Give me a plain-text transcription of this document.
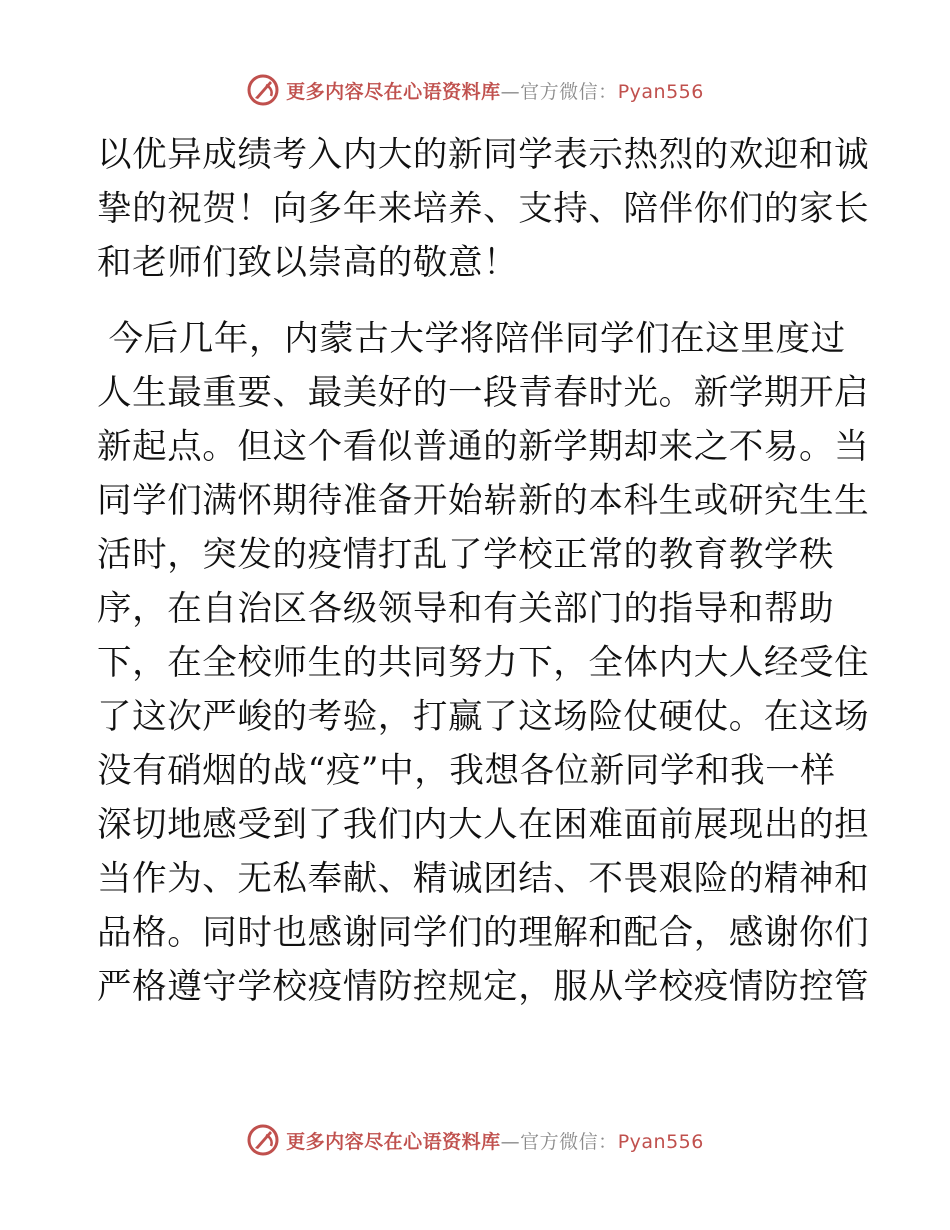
更多内容尽在心语资料库—官方微信：Pyan556
以优异成绩考入内大的新同学表示热烈的欢迎和诚
挚的祝贺！向多年来培养、支持、陪伴你们的家长
和老师们致以崇高的敬意！
今后几年，内蒙古大学将陪伴同学们在这里度过
人生最重要、最美好的一段青春时光。新学期开启
新起点。但这个看似普通的新学期却来之不易。当
同学们满怀期待准备开始崭新的本科生或研究生生
活时，突发的疫情打乱了学校正常的教育教学秩
序，在自治区各级领导和有关部门的指导和帮助
下，在全校师生的共同努力下，全体内大人经受住
了这次严峻的考验，打赢了这场险仗硬仗。在这场
没有硝烟的战“疫”中，我想各位新同学和我一样
深切地感受到了我们内大人在困难面前展现出的担
当作为、无私奉献、精诚团结、不畏艰险的精神和
品格。同时也感谢同学们的理解和配合，感谢你们
严格遵守学校疫情防控规定，服从学校疫情防控管
更多内容尽在心语资料库—官方微信：Pyan556
